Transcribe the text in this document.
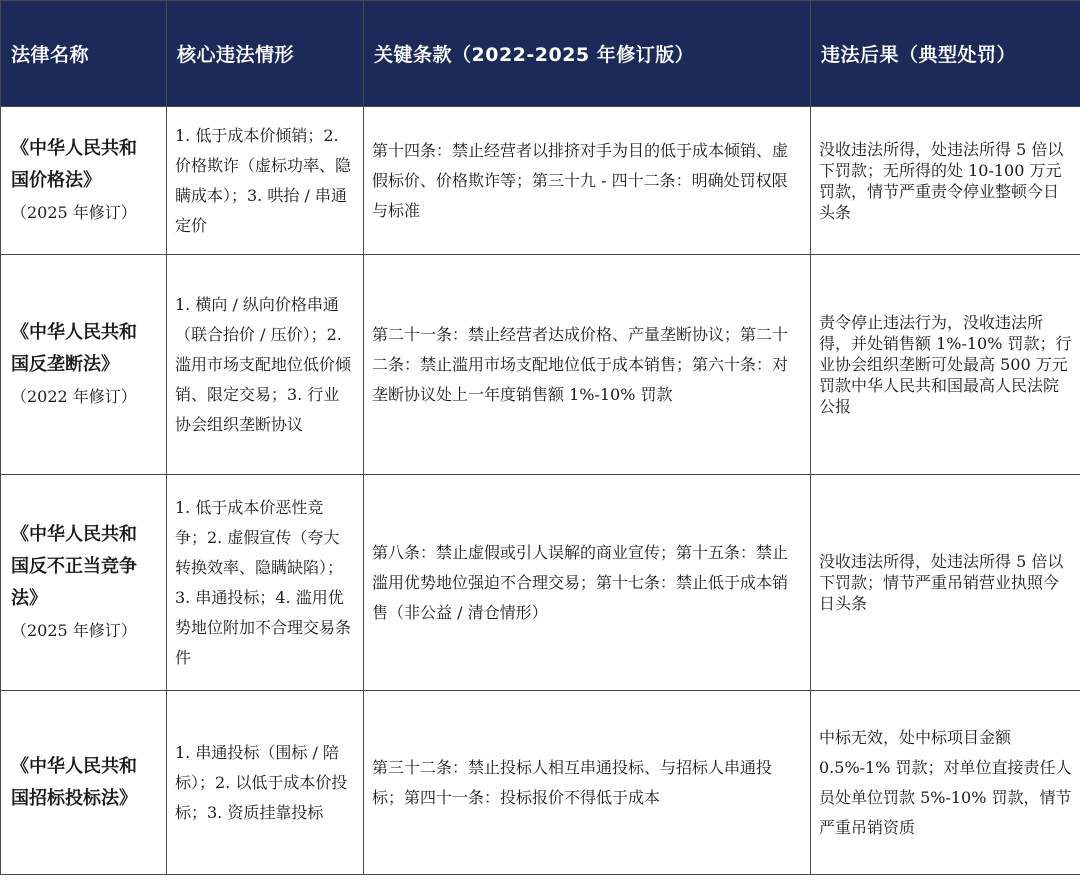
法律名称	核心违法情形	关键条款（2022-2025 年修订版）	违法后果（典型处罚）
《中华人民共和
国价格法》
（2025 年修订）	1. 低于成本价倾销；2. 价格欺诈（虚标功率、隐瞒成本）；3. 哄抬 / 串通定价	第十四条：禁止经营者以排挤对手为目的低于成本倾销、虚假标价、价格欺诈等；第三十九 - 四十二条：明确处罚权限与标准	没收违法所得，处违法所得 5 倍以下罚款；无所得的处 10-100 万元罚款，情节严重责令停业整顿今日头条
《中华人民共和
国反垄断法》
（2022 年修订）	1. 横向 / 纵向价格串通（联合抬价 / 压价）；2. 滥用市场支配地位低价倾销、限定交易；3. 行业协会组织垄断协议	第二十一条：禁止经营者达成价格、产量垄断协议；第二十二条：禁止滥用市场支配地位低于成本销售；第六十条：对垄断协议处上一年度销售额 1%-10% 罚款	责令停止违法行为，没收违法所得，并处销售额 1%-10% 罚款；行业协会组织垄断可处最高 500 万元罚款中华人民共和国最高人民法院公报
《中华人民共和
国反不正当竞争
法》（2025 年修订）	1. 低于成本价恶性竞争；2. 虚假宣传（夸大转换效率、隐瞒缺陷）；3. 串通投标；4. 滥用优势地位附加不合理交易条件	第八条：禁止虚假或引人误解的商业宣传；第十五条：禁止滥用优势地位强迫不合理交易；第十七条：禁止低于成本销售（非公益 / 清仓情形）	没收违法所得，处违法所得 5 倍以下罚款；情节严重吊销营业执照今日头条
《中华人民共和
国招标投标法》	1. 串通投标（围标 / 陪标）；2. 以低于成本价投标；3. 资质挂靠投标	第三十二条：禁止投标人相互串通投标、与招标人串通投标；第四十一条：投标报价不得低于成本	中标无效，处中标项目金额 0.5%-1% 罚款；对单位直接责任人员处单位罚款 5%-10% 罚款，情节严重吊销资质
